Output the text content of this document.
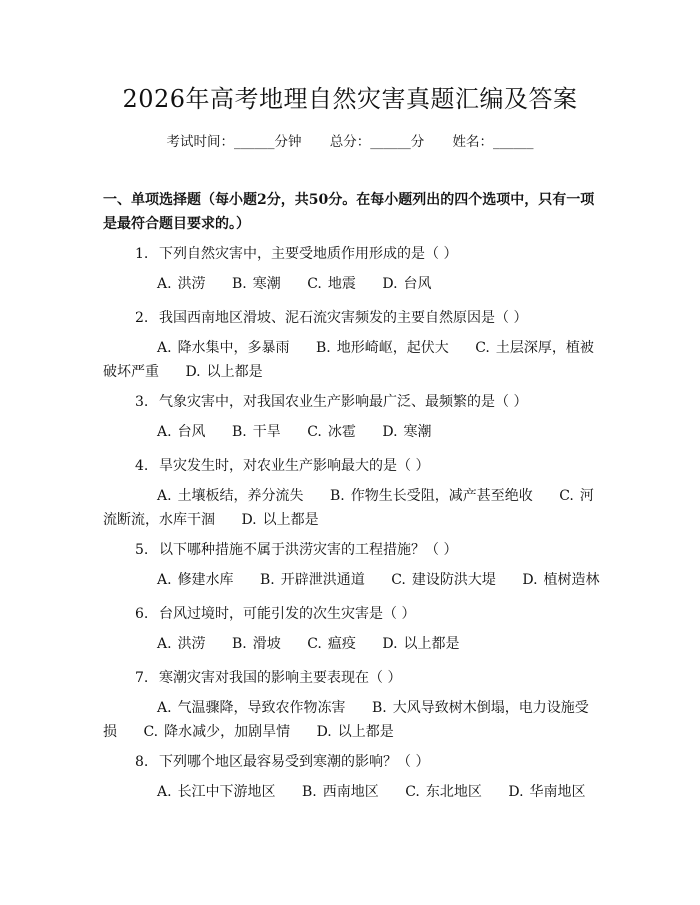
2026年高考地理自然灾害真题汇编及答案
考试时间：______分钟 总分：______分 姓名：______
一、单项选择题（每小题2分，共50分。在每小题列出的四个选项中，只有一项是最符合题目要求的。）
1. 下列自然灾害中，主要受地质作用形成的是（ ）
A. 洪涝 B. 寒潮 C. 地震 D. 台风
2. 我国西南地区滑坡、泥石流灾害频发的主要自然原因是（ ）
A. 降水集中，多暴雨 B. 地形崎岖，起伏大 C. 土层深厚，植被破坏严重 D. 以上都是
3. 气象灾害中，对我国农业生产影响最广泛、最频繁的是（ ）
A. 台风 B. 干旱 C. 冰雹 D. 寒潮
4. 旱灾发生时，对农业生产影响最大的是（ ）
A. 土壤板结，养分流失 B. 作物生长受阻，减产甚至绝收 C. 河流断流，水库干涸 D. 以上都是
5. 以下哪种措施不属于洪涝灾害的工程措施？（ ）
A. 修建水库 B. 开辟泄洪通道 C. 建设防洪大堤 D. 植树造林
6. 台风过境时，可能引发的次生灾害是（ ）
A. 洪涝 B. 滑坡 C. 瘟疫 D. 以上都是
7. 寒潮灾害对我国的影响主要表现在（ ）
A. 气温骤降，导致农作物冻害 B. 大风导致树木倒塌，电力设施受损 C. 降水减少，加剧旱情 D. 以上都是
8. 下列哪个地区最容易受到寒潮的影响？（ ）
A. 长江中下游地区 B. 西南地区 C. 东北地区 D. 华南地区
